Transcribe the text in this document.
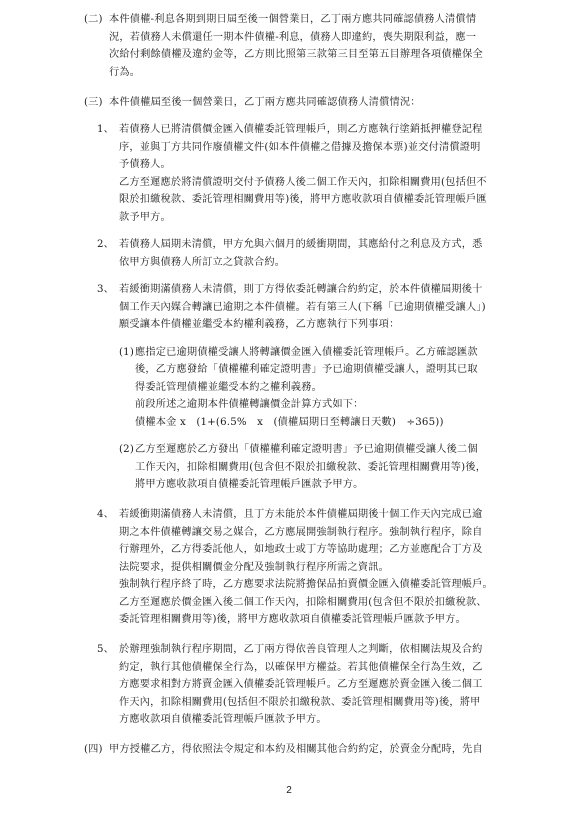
(二) 本件債權-利息各期到期日屆至後一個營業日，乙丁兩方應共同確認債務人清償情
況，若債務人未償還任一期本件債權-利息，債務人即違約，喪失期限利益，應一
次給付剩餘債權及違約金等，乙方則比照第三款第三目至第五目辦理各項債權保全
行為。
(三) 本件債權屆至後一個營業日，乙丁兩方應共同確認債務人清償情況：
1、 若債務人已將清償價金匯入債權委託管理帳戶，則乙方應執行塗銷抵押權登記程
序，並與丁方共同作廢債權文件(如本件債權之借據及擔保本票)並交付清償證明
予債務人。
乙方至遲應於將清償證明交付予債務人後二個工作天內，扣除相關費用(包括但不
限於扣繳稅款、委託管理相關費用等)後，將甲方應收款項自債權委託管理帳戶匯
款予甲方。
2、 若債務人屆期未清償，甲方允與六個月的緩衝期間，其應給付之利息及方式，悉
依甲方與債務人所訂立之貸款合約。
3、 若緩衝期滿債務人未清償，則丁方得依委託轉讓合約約定，於本件債權屆期後十
個工作天內媒合轉讓已逾期之本件債權。若有第三人(下稱「已逾期債權受讓人」)
願受讓本件債權並繼受本約權利義務，乙方應執行下列事項：
(1) 應指定已逾期債權受讓人將轉讓價金匯入債權委託管理帳戶。乙方確認匯款
後，乙方應發給「債權權利確定證明書」予已逾期債權受讓人，證明其已取
得委託管理債權並繼受本約之權利義務。
前段所述之逾期本件債權轉讓價金計算方式如下：
債權本金 x　(1+(6.5%　x　(債權屆期日至轉讓日天數)　÷365))
(2) 乙方至遲應於乙方發出「債權權利確定證明書」予已逾期債權受讓人後二個
工作天內，扣除相關費用(包含但不限於扣繳稅款、委託管理相關費用等)後，
將甲方應收款項自債權委託管理帳戶匯款予甲方。
4、 若緩衝期滿債務人未清償，且丁方未能於本件債權屆期後十個工作天內完成已逾
期之本件債權轉讓交易之媒合，乙方應展開強制執行程序。強制執行程序，除自
行辦理外，乙方得委託他人，如地政士或丁方等協助處理；乙方並應配合丁方及
法院要求，提供相關價金分配及強制執行程序所需之資訊。
強制執行程序終了時，乙方應要求法院將擔保品拍賣價金匯入債權委託管理帳戶。
乙方至遲應於價金匯入後二個工作天內，扣除相關費用(包含但不限於扣繳稅款、
委託管理相關費用等)後，將甲方應收款項自債權委託管理帳戶匯款予甲方。
5、 於辦理強制執行程序期間，乙丁兩方得依善良管理人之判斷，依相關法規及合約
約定，執行其他債權保全行為，以確保甲方權益。若其他債權保全行為生效，乙
方應要求相對方將賣金匯入債權委託管理帳戶。乙方至遲應於賣金匯入後二個工
作天內，扣除相關費用(包括但不限於扣繳稅款、委託管理相關費用等)後，將甲
方應收款項自債權委託管理帳戶匯款予甲方。
(四) 甲方授權乙方，得依照法令規定和本約及相關其他合約約定，於賣金分配時，先自
2
